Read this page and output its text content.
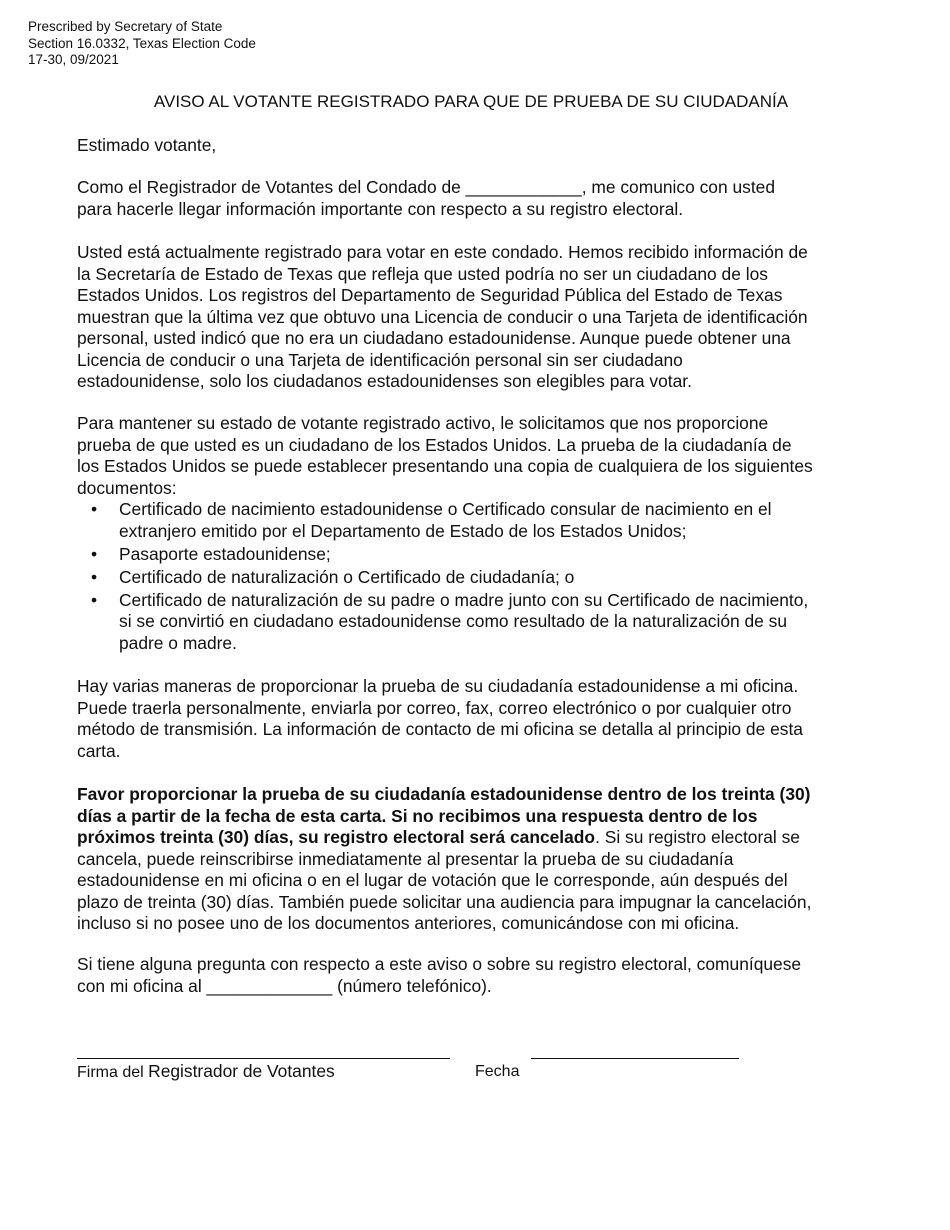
Prescribed by Secretary of State
Section 16.0332, Texas Election Code
17-30, 09/2021
AVISO AL VOTANTE REGISTRADO PARA QUE DE PRUEBA DE SU CIUDADANÍA
Estimado votante,
Como el Registrador de Votantes del Condado de ____________, me comunico con usted
para hacerle llegar información importante con respecto a su registro electoral.
Usted está actualmente registrado para votar en este condado. Hemos recibido información de
la Secretaría de Estado de Texas que refleja que usted podría no ser un ciudadano de los
Estados Unidos. Los registros del Departamento de Seguridad Pública del Estado de Texas
muestran que la última vez que obtuvo una Licencia de conducir o una Tarjeta de identificación
personal, usted indicó que no era un ciudadano estadounidense. Aunque puede obtener una
Licencia de conducir o una Tarjeta de identificación personal sin ser ciudadano
estadounidense, solo los ciudadanos estadounidenses son elegibles para votar.
Para mantener su estado de votante registrado activo, le solicitamos que nos proporcione
prueba de que usted es un ciudadano de los Estados Unidos. La prueba de la ciudadanía de
los Estados Unidos se puede establecer presentando una copia de cualquiera de los siguientes
documentos:
• Certificado de nacimiento estadounidense o Certificado consular de nacimiento en el
extranjero emitido por el Departamento de Estado de los Estados Unidos;
• Pasaporte estadounidense;
• Certificado de naturalización o Certificado de ciudadanía; o
• Certificado de naturalización de su padre o madre junto con su Certificado de nacimiento,
si se convirtió en ciudadano estadounidense como resultado de la naturalización de su
padre o madre.
Hay varias maneras de proporcionar la prueba de su ciudadanía estadounidense a mi oficina.
Puede traerla personalmente, enviarla por correo, fax, correo electrónico o por cualquier otro
método de transmisión. La información de contacto de mi oficina se detalla al principio de esta
carta.
Favor proporcionar la prueba de su ciudadanía estadounidense dentro de los treinta (30)
días a partir de la fecha de esta carta. Si no recibimos una respuesta dentro de los
próximos treinta (30) días, su registro electoral será cancelado. Si su registro electoral se
cancela, puede reinscribirse inmediatamente al presentar la prueba de su ciudadanía
estadounidense en mi oficina o en el lugar de votación que le corresponde, aún después del
plazo de treinta (30) días. También puede solicitar una audiencia para impugnar la cancelación,
incluso si no posee uno de los documentos anteriores, comunicándose con mi oficina.
Si tiene alguna pregunta con respecto a este aviso o sobre su registro electoral, comuníquese
con mi oficina al _____________ (número telefónico).
Firma del Registrador de Votantes	Fecha
